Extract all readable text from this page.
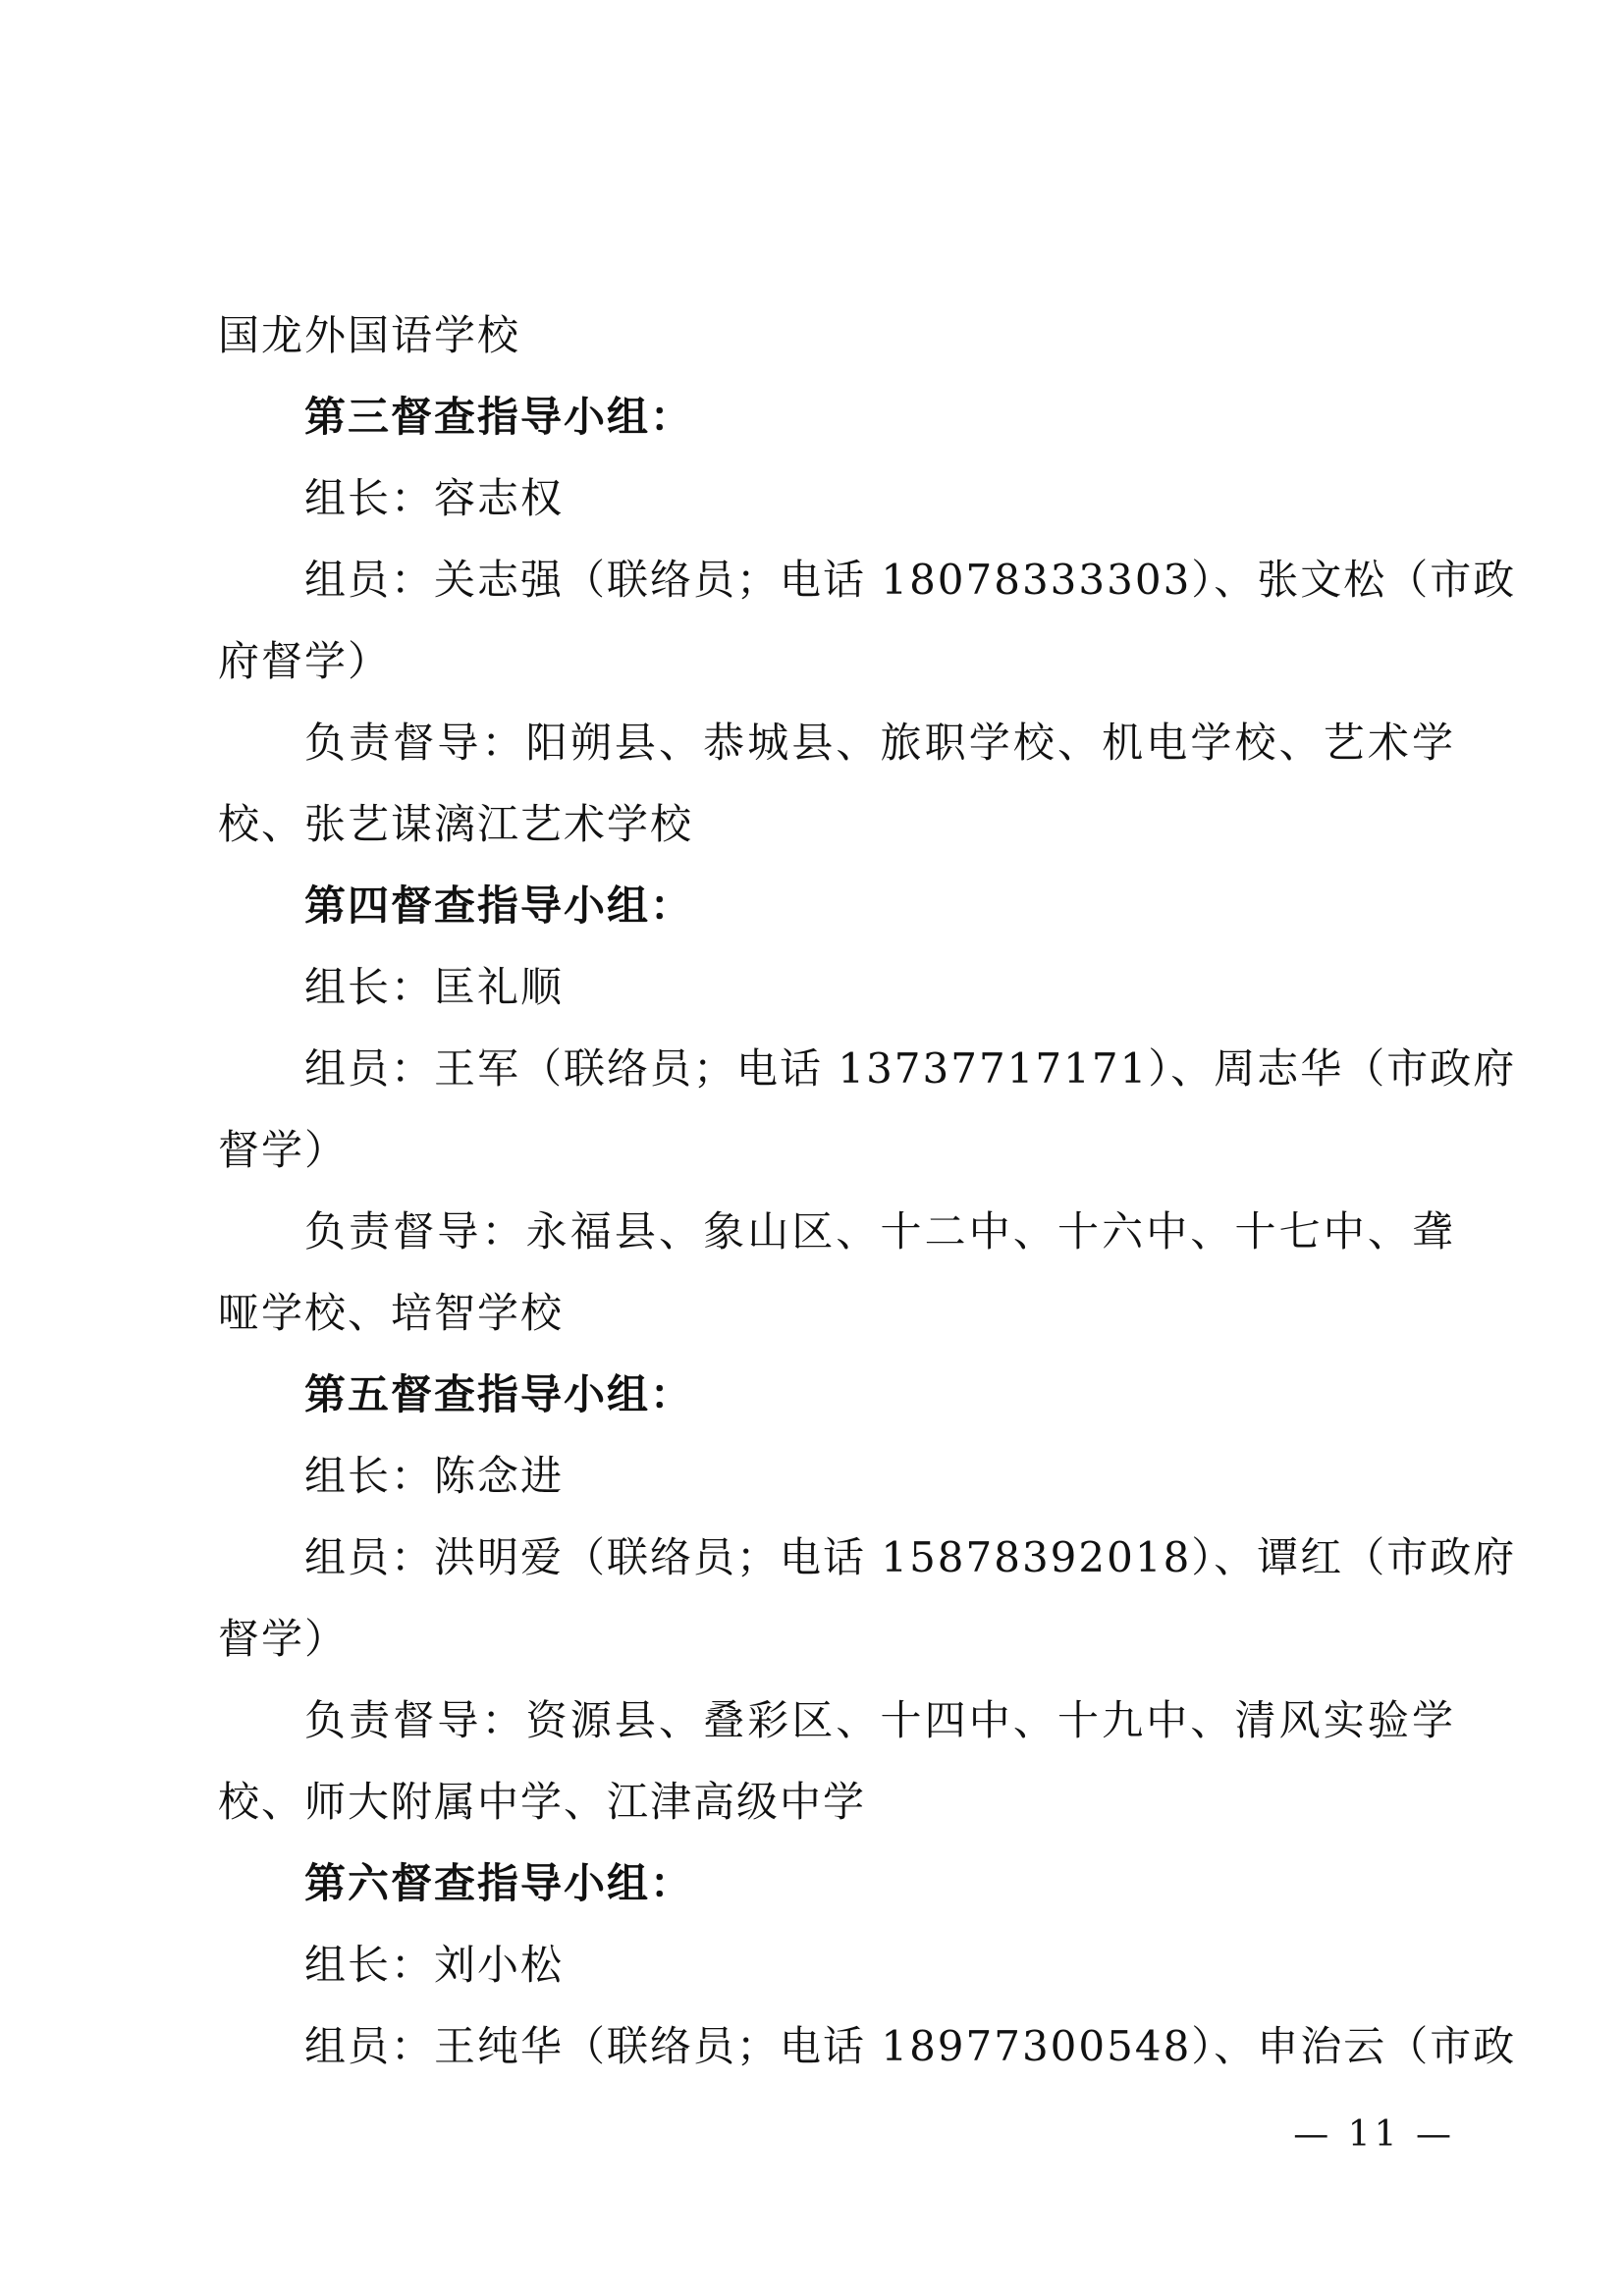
国龙外国语学校
第三督查指导小组：
组长：容志权
组员：关志强（联络员；电话 18078333303）、张文松（市政
府督学）
负责督导：阳朔县、恭城县、旅职学校、机电学校、艺术学
校、张艺谋漓江艺术学校
第四督查指导小组：
组长：匡礼顺
组员：王军（联络员；电话 13737717171）、周志华（市政府
督学）
负责督导：永福县、象山区、十二中、十六中、十七中、聋
哑学校、培智学校
第五督查指导小组：
组长：陈念进
组员：洪明爱（联络员；电话 15878392018）、谭红（市政府
督学）
负责督导：资源县、叠彩区、十四中、十九中、清风实验学
校、师大附属中学、江津高级中学
第六督查指导小组：
组长：刘小松
组员：王纯华（联络员；电话 18977300548）、申治云（市政
— 11 —
